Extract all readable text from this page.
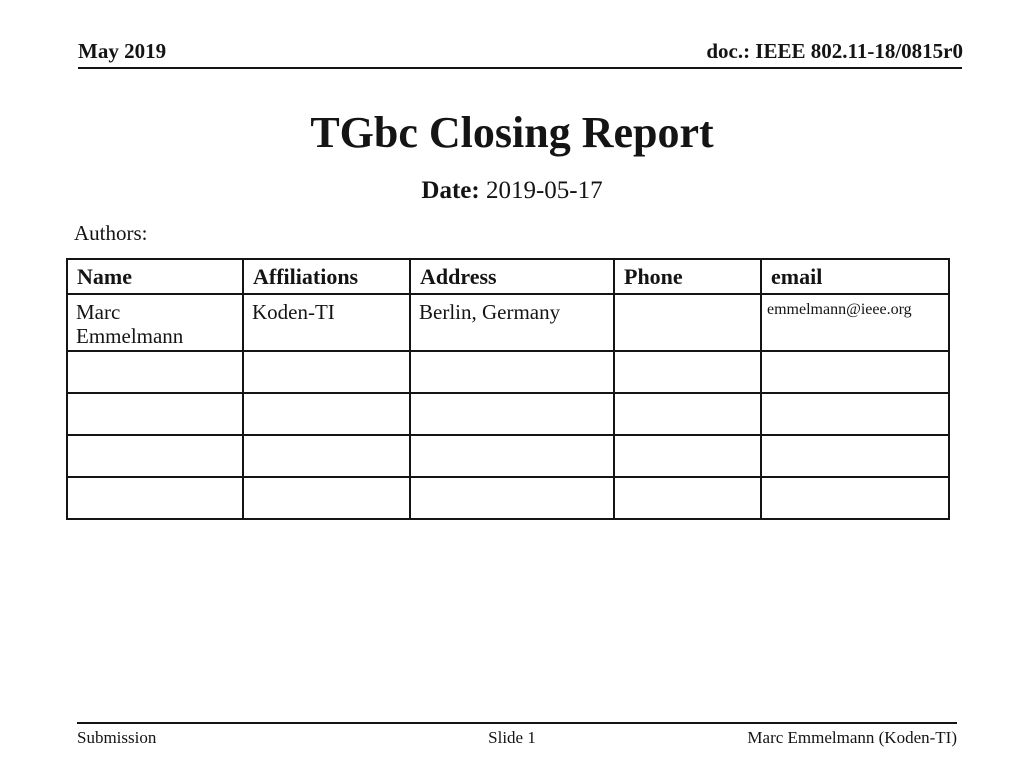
May 2019	doc.: IEEE 802.11-18/0815r0
TGbc Closing Report
Date: 2019-05-17
Authors:
Name	Affiliations	Address	Phone	email
Marc Emmelmann	Koden-TI	Berlin, Germany		emmelmann@ieee.org

Submission	Slide 1	Marc Emmelmann (Koden-TI)
